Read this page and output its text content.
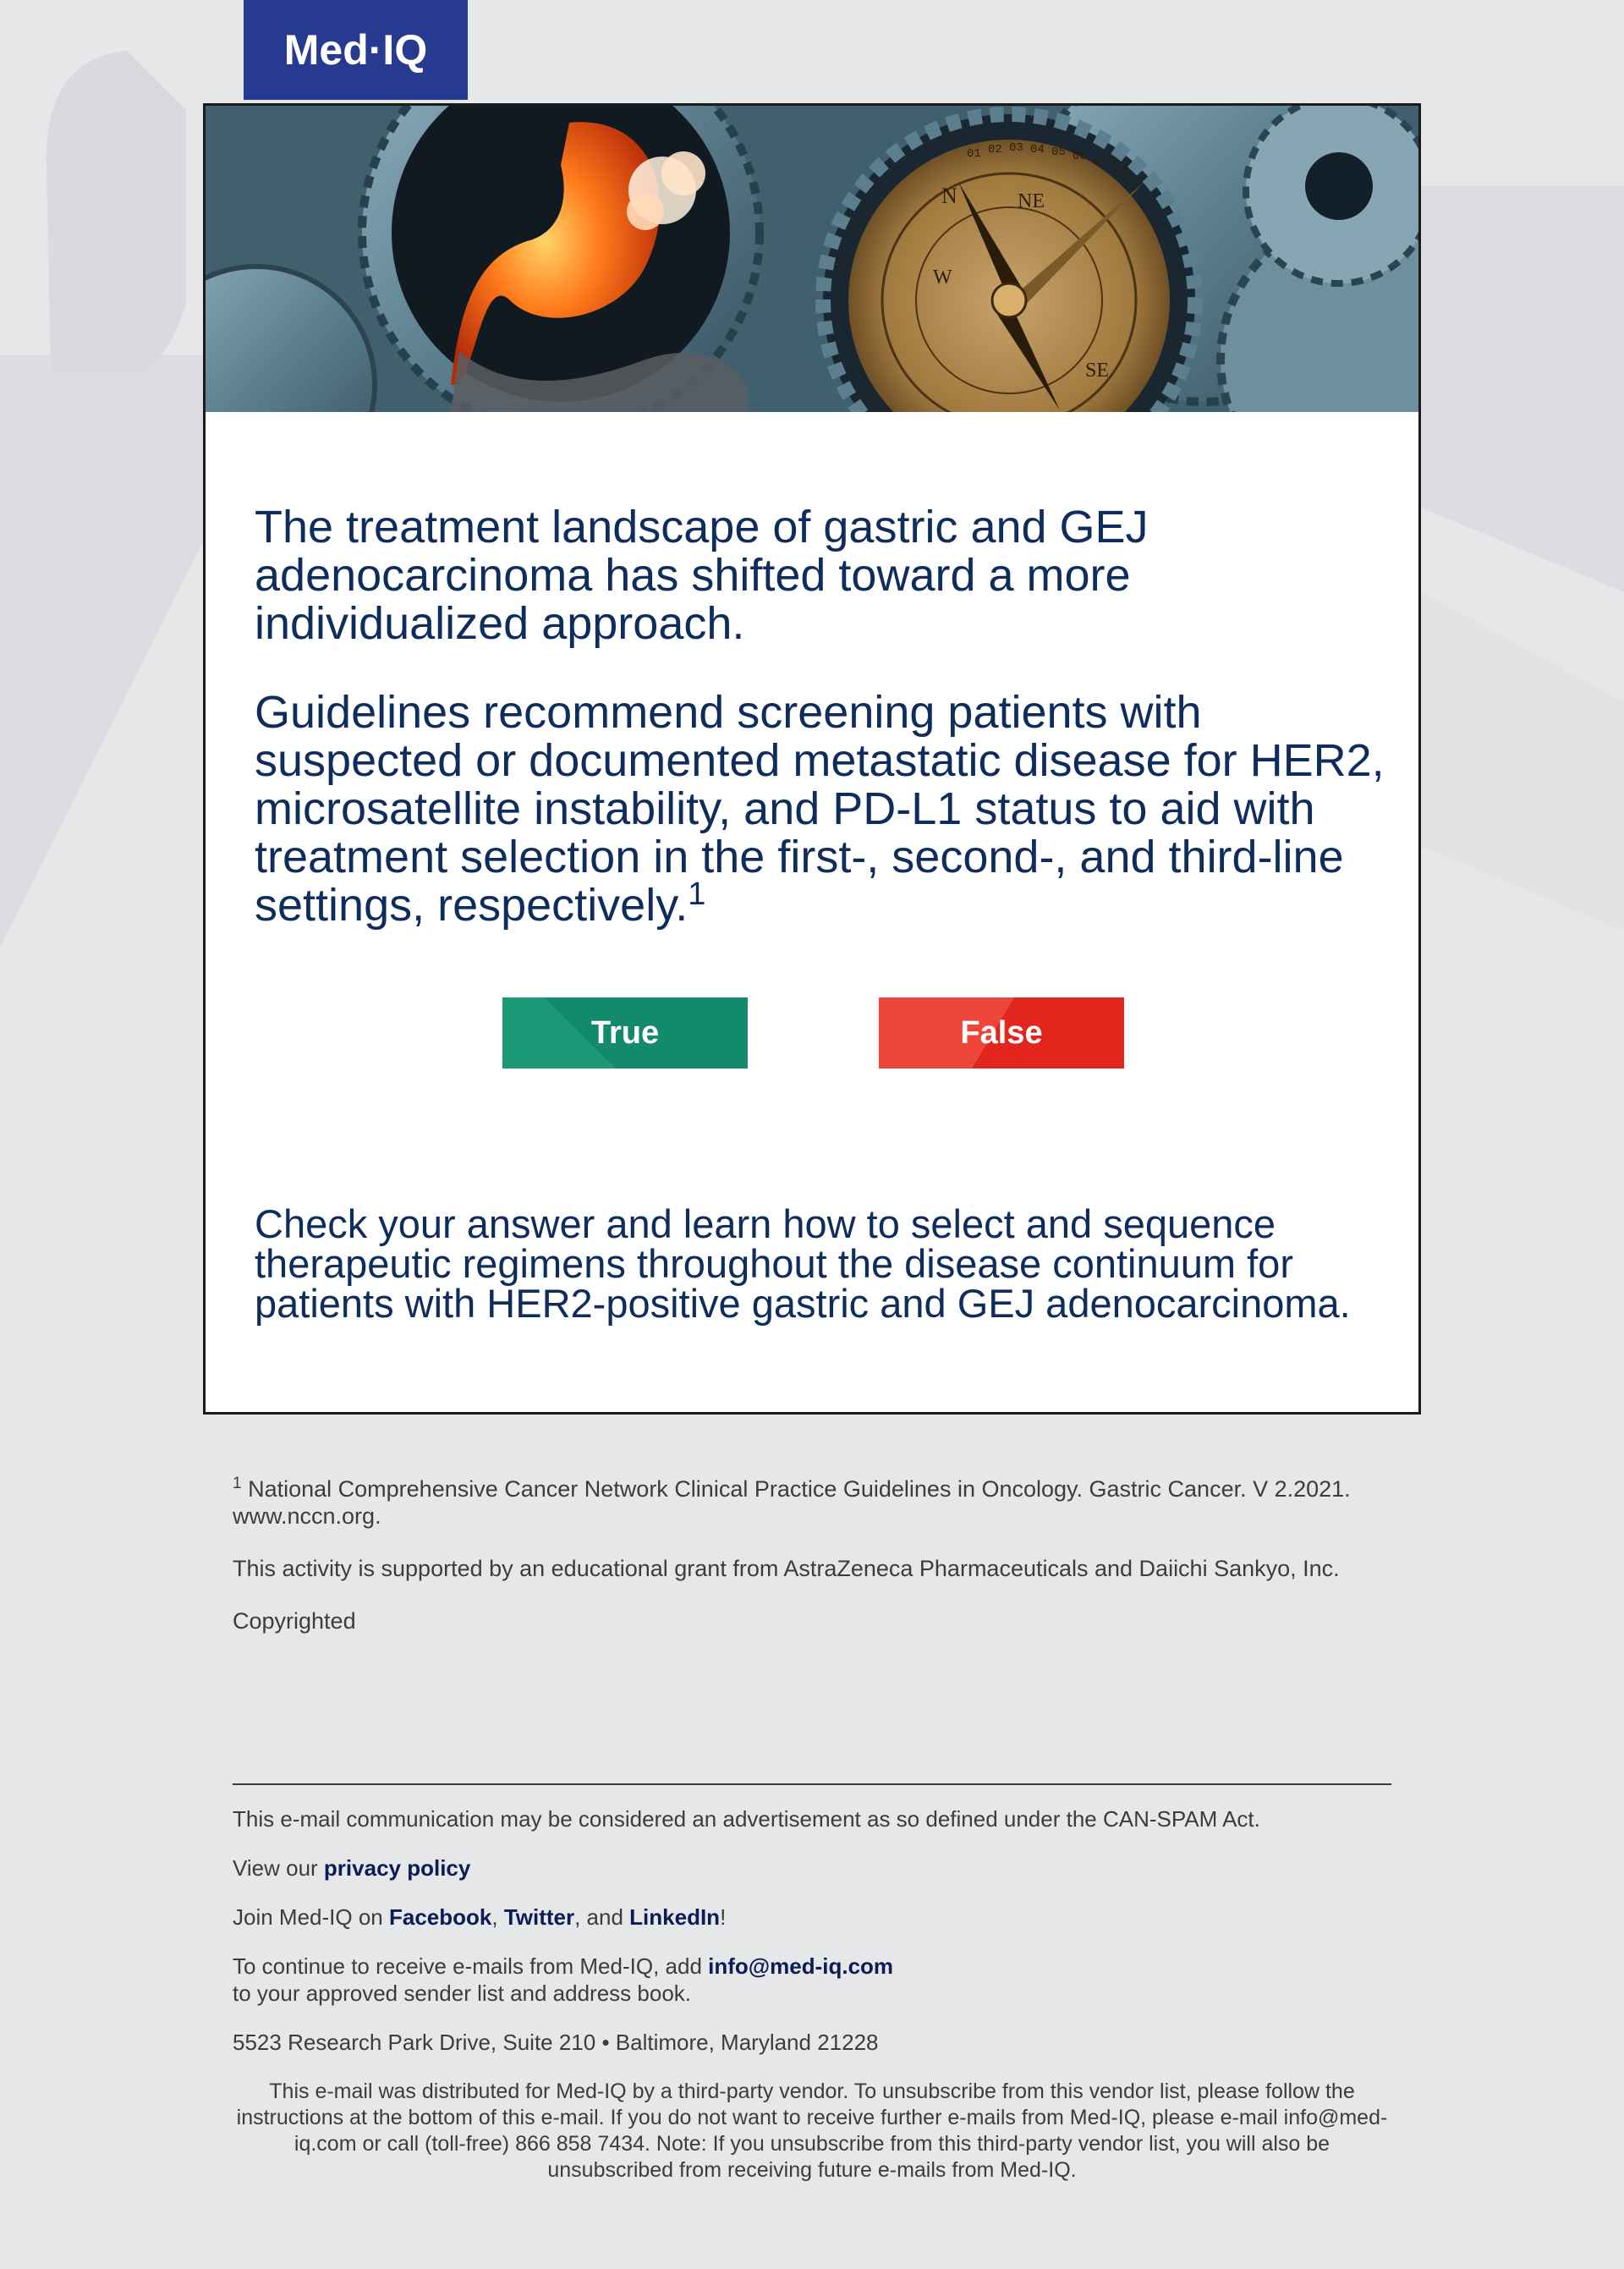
Med·IQ
N	NE
W
SE
01 02 03 04 05 06 07
08

The treatment landscape of gastric and GEJ adenocarcinoma has shifted toward a more individualized approach.

Guidelines recommend screening patients with suspected or documented metastatic disease for HER2, microsatellite instability, and PD-L1 status to aid with treatment selection in the first-, second-, and third-line settings, respectively.$^1$

True	False
Check your answer and learn how to select and sequence therapeutic regimens throughout the disease continuum for patients with HER2-positive gastric and GEJ adenocarcinoma.

$^1$ National Comprehensive Cancer Network Clinical Practice Guidelines in Oncology. Gastric Cancer. V 2.2021. www.nccn.org.

This activity is supported by an educational grant from AstraZeneca Pharmaceuticals and Daiichi Sankyo, Inc.

Copyrighted

This e-mail communication may be considered an advertisement as so defined under the CAN-SPAM Act.

View our privacy policy

Join Med-IQ on Facebook, Twitter, and LinkedIn!

To continue to receive e-mails from Med-IQ, add info@med-iq.com
to your approved sender list and address book.

5523 Research Park Drive, Suite 210 • Baltimore, Maryland 21228

This e-mail was distributed for Med-IQ by a third-party vendor. To unsubscribe from this vendor list, please follow the instructions at the bottom of this e-mail. If you do not want to receive further e-mails from Med-IQ, please e-mail info@med-iq.com or call (toll-free) 866 858 7434. Note: If you unsubscribe from this third-party vendor list, you will also be unsubscribed from receiving future e-mails from Med-IQ.
